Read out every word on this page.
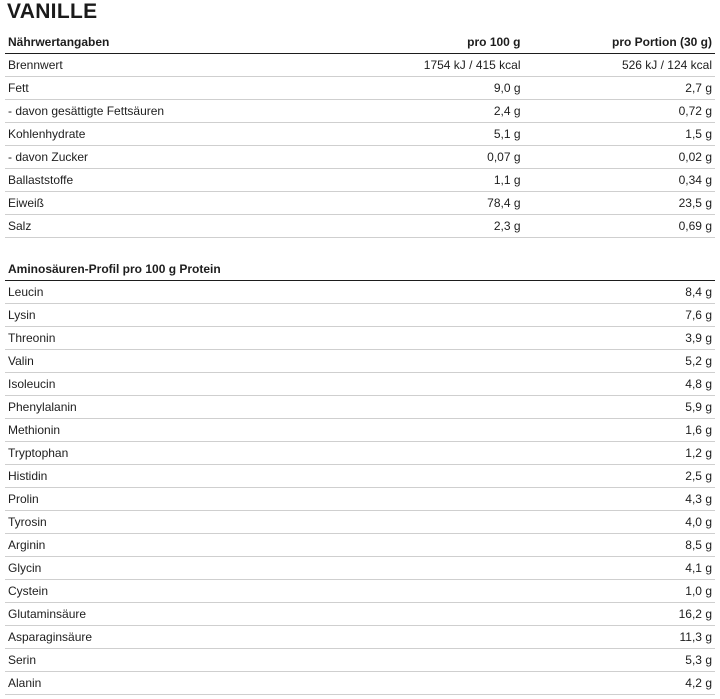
VANILLE
Nährwertangaben	pro 100 g	pro Portion (30 g)
Brennwert	1754 kJ / 415 kcal	526 kJ / 124 kcal
Fett	9,0 g	2,7 g
- davon gesättigte Fettsäuren	2,4 g	0,72 g
Kohlenhydrate	5,1 g	1,5 g
- davon Zucker	0,07 g	0,02 g
Ballaststoffe	1,1 g	0,34 g
Eiweiß	78,4 g	23,5 g
Salz	2,3 g	0,69 g
Aminosäuren-Profil pro 100 g Protein	
Leucin	8,4 g
Lysin	7,6 g
Threonin	3,9 g
Valin	5,2 g
Isoleucin	4,8 g
Phenylalanin	5,9 g
Methionin	1,6 g
Tryptophan	1,2 g
Histidin	2,5 g
Prolin	4,3 g
Tyrosin	4,0 g
Arginin	8,5 g
Glycin	4,1 g
Cystein	1,0 g
Glutaminsäure	16,2 g
Asparaginsäure	11,3 g
Serin	5,3 g
Alanin	4,2 g
